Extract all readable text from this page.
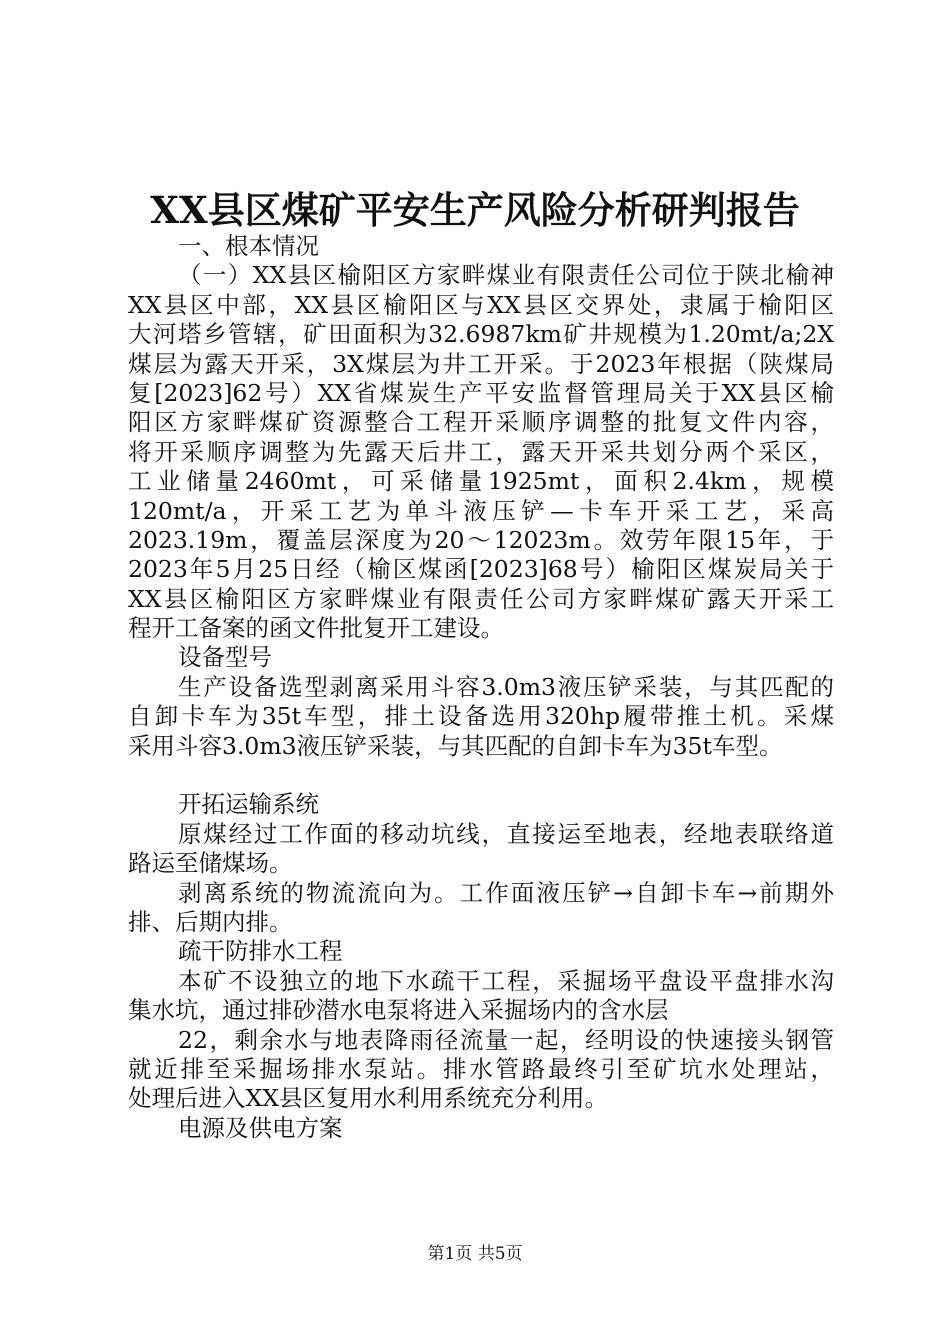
XX县区煤矿平安生产风险分析研判报告
一、根本情况
（一）XX县区榆阳区方家畔煤业有限责任公司位于陕北榆神
XX县区中部，XX县区榆阳区与XX县区交界处，隶属于榆阳区
大河塔乡管辖，矿田面积为32.6987km矿井规模为1.20mt/a;2X
煤层为露天开采，3X煤层为井工开采。于2023年根据（陕煤局
复[2023]62号）XX省煤炭生产平安监督管理局关于XX县区榆
阳区方家畔煤矿资源整合工程开采顺序调整的批复文件内容，
将开采顺序调整为先露天后井工，露天开采共划分两个采区，
工业储量2460mt，可采储量1925mt，面积2.4km，规模
120mt/a，开采工艺为单斗液压铲—卡车开采工艺，采高
2023.19m，覆盖层深度为20～12023m。效劳年限15年，于
2023年5月25日经（榆区煤函[2023]68号）榆阳区煤炭局关于
XX县区榆阳区方家畔煤业有限责任公司方家畔煤矿露天开采工
程开工备案的函文件批复开工建设。
设备型号
生产设备选型剥离采用斗容3.0m3液压铲采装，与其匹配的
自卸卡车为35t车型，排土设备选用320hp履带推土机。采煤
采用斗容3.0m3液压铲采装，与其匹配的自卸卡车为35t车型。
开拓运输系统
原煤经过工作面的移动坑线，直接运至地表，经地表联络道
路运至储煤场。
剥离系统的物流流向为。工作面液压铲→自卸卡车→前期外
排、后期内排。
疏干防排水工程
本矿不设独立的地下水疏干工程，采掘场平盘设平盘排水沟
集水坑，通过排砂潜水电泵将进入采掘场内的含水层
22，剩余水与地表降雨径流量一起，经明设的快速接头钢管
就近排至采掘场排水泵站。排水管路最终引至矿坑水处理站，
处理后进入XX县区复用水利用系统充分利用。
电源及供电方案
第1页 共5页
